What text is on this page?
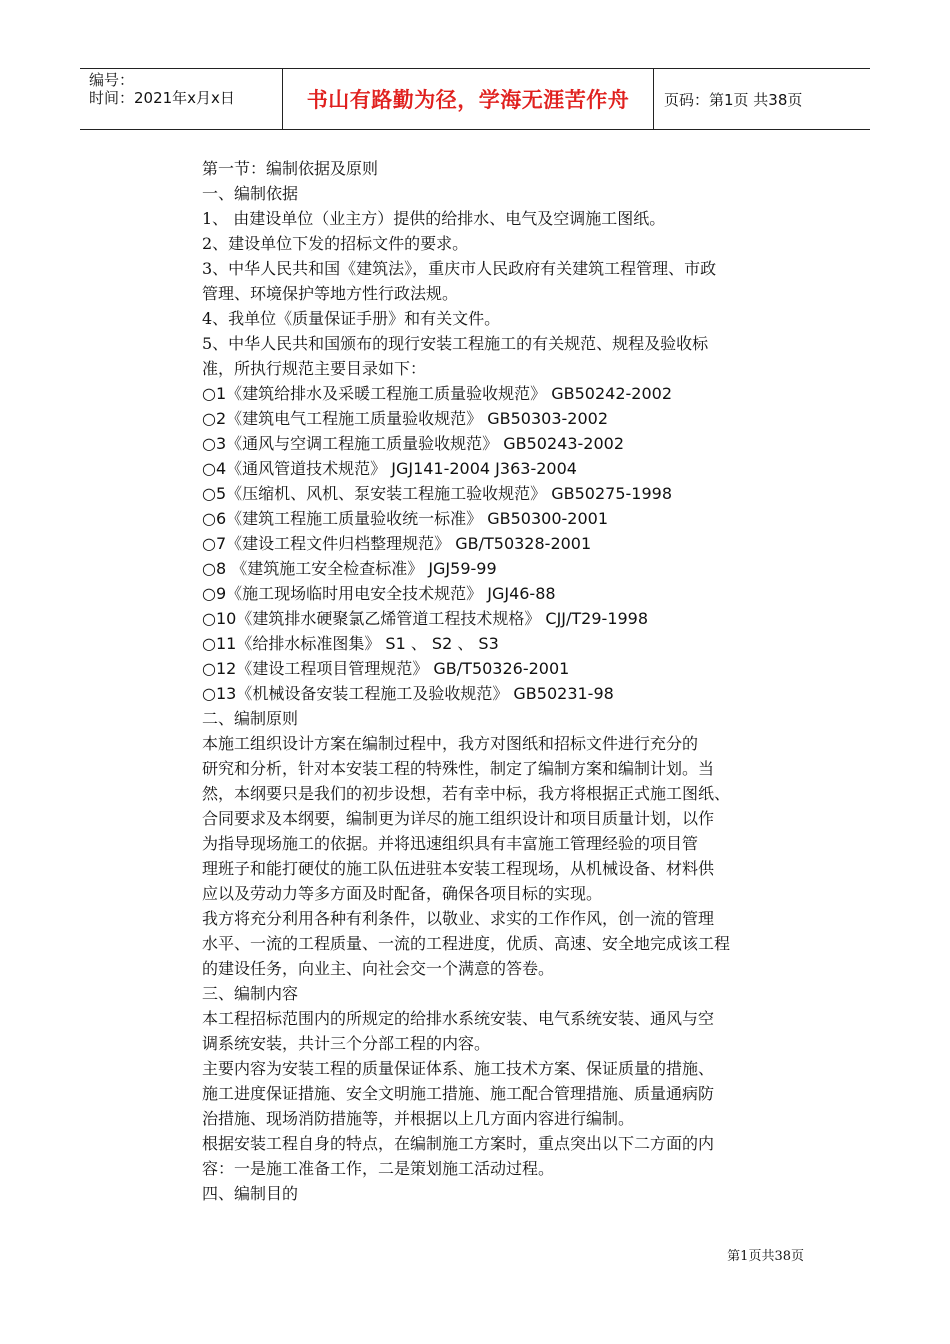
编号：
时间：2021年x月x日	书山有路勤为径，学海无涯苦作舟	页码：第1页 共38页

第一节：编制依据及原则

一、编制依据

1、 由建设单位（业主方）提供的给排水、电气及空调施工图纸。

2、建设单位下发的招标文件的要求。

3、中华人民共和国《建筑法》，重庆市人民政府有关建筑工程管理、市政

管理、环境保护等地方性行政法规。

4、我单位《质量保证手册》和有关文件。

5、中华人民共和国颁布的现行安装工程施工的有关规范、规程及验收标

准，所执行规范主要目录如下：

○1《建筑给排水及采暖工程施工质量验收规范》 GB50242-2002

○2《建筑电气工程施工质量验收规范》 GB50303-2002

○3《通风与空调工程施工质量验收规范》 GB50243-2002

○4《通风管道技术规范》 JGJ141-2004 J363-2004

○5《压缩机、风机、泵安装工程施工验收规范》 GB50275-1998

○6《建筑工程施工质量验收统一标准》 GB50300-2001

○7《建设工程文件归档整理规范》 GB/T50328-2001

○8 《建筑施工安全检查标准》 JGJ59-99

○9《施工现场临时用电安全技术规范》 JGJ46-88

○10《建筑排水硬聚氯乙烯管道工程技术规格》 CJJ/T29-1998

○11《给排水标准图集》 S1 、 S2 、 S3

○12《建设工程项目管理规范》 GB/T50326-2001

○13《机械设备安装工程施工及验收规范》 GB50231-98

二、编制原则

本施工组织设计方案在编制过程中，我方对图纸和招标文件进行充分的

研究和分析，针对本安装工程的特殊性，制定了编制方案和编制计划。当

然，本纲要只是我们的初步设想，若有幸中标，我方将根据正式施工图纸、

合同要求及本纲要，编制更为详尽的施工组织设计和项目质量计划，以作

为指导现场施工的依据。并将迅速组织具有丰富施工管理经验的项目管

理班子和能打硬仗的施工队伍进驻本安装工程现场，从机械设备、材料供

应以及劳动力等多方面及时配备，确保各项目标的实现。

我方将充分利用各种有利条件，以敬业、求实的工作作风，创一流的管理

水平、一流的工程质量、一流的工程进度，优质、高速、安全地完成该工程

的建设任务，向业主、向社会交一个满意的答卷。

三、编制内容

本工程招标范围内的所规定的给排水系统安装、电气系统安装、通风与空

调系统安装，共计三个分部工程的内容。

主要内容为安装工程的质量保证体系、施工技术方案、保证质量的措施、

施工进度保证措施、安全文明施工措施、施工配合管理措施、质量通病防

治措施、现场消防措施等，并根据以上几方面内容进行编制。

根据安装工程自身的特点，在编制施工方案时，重点突出以下二方面的内

容：一是施工准备工作，二是策划施工活动过程。

四、编制目的

第1页共38页
